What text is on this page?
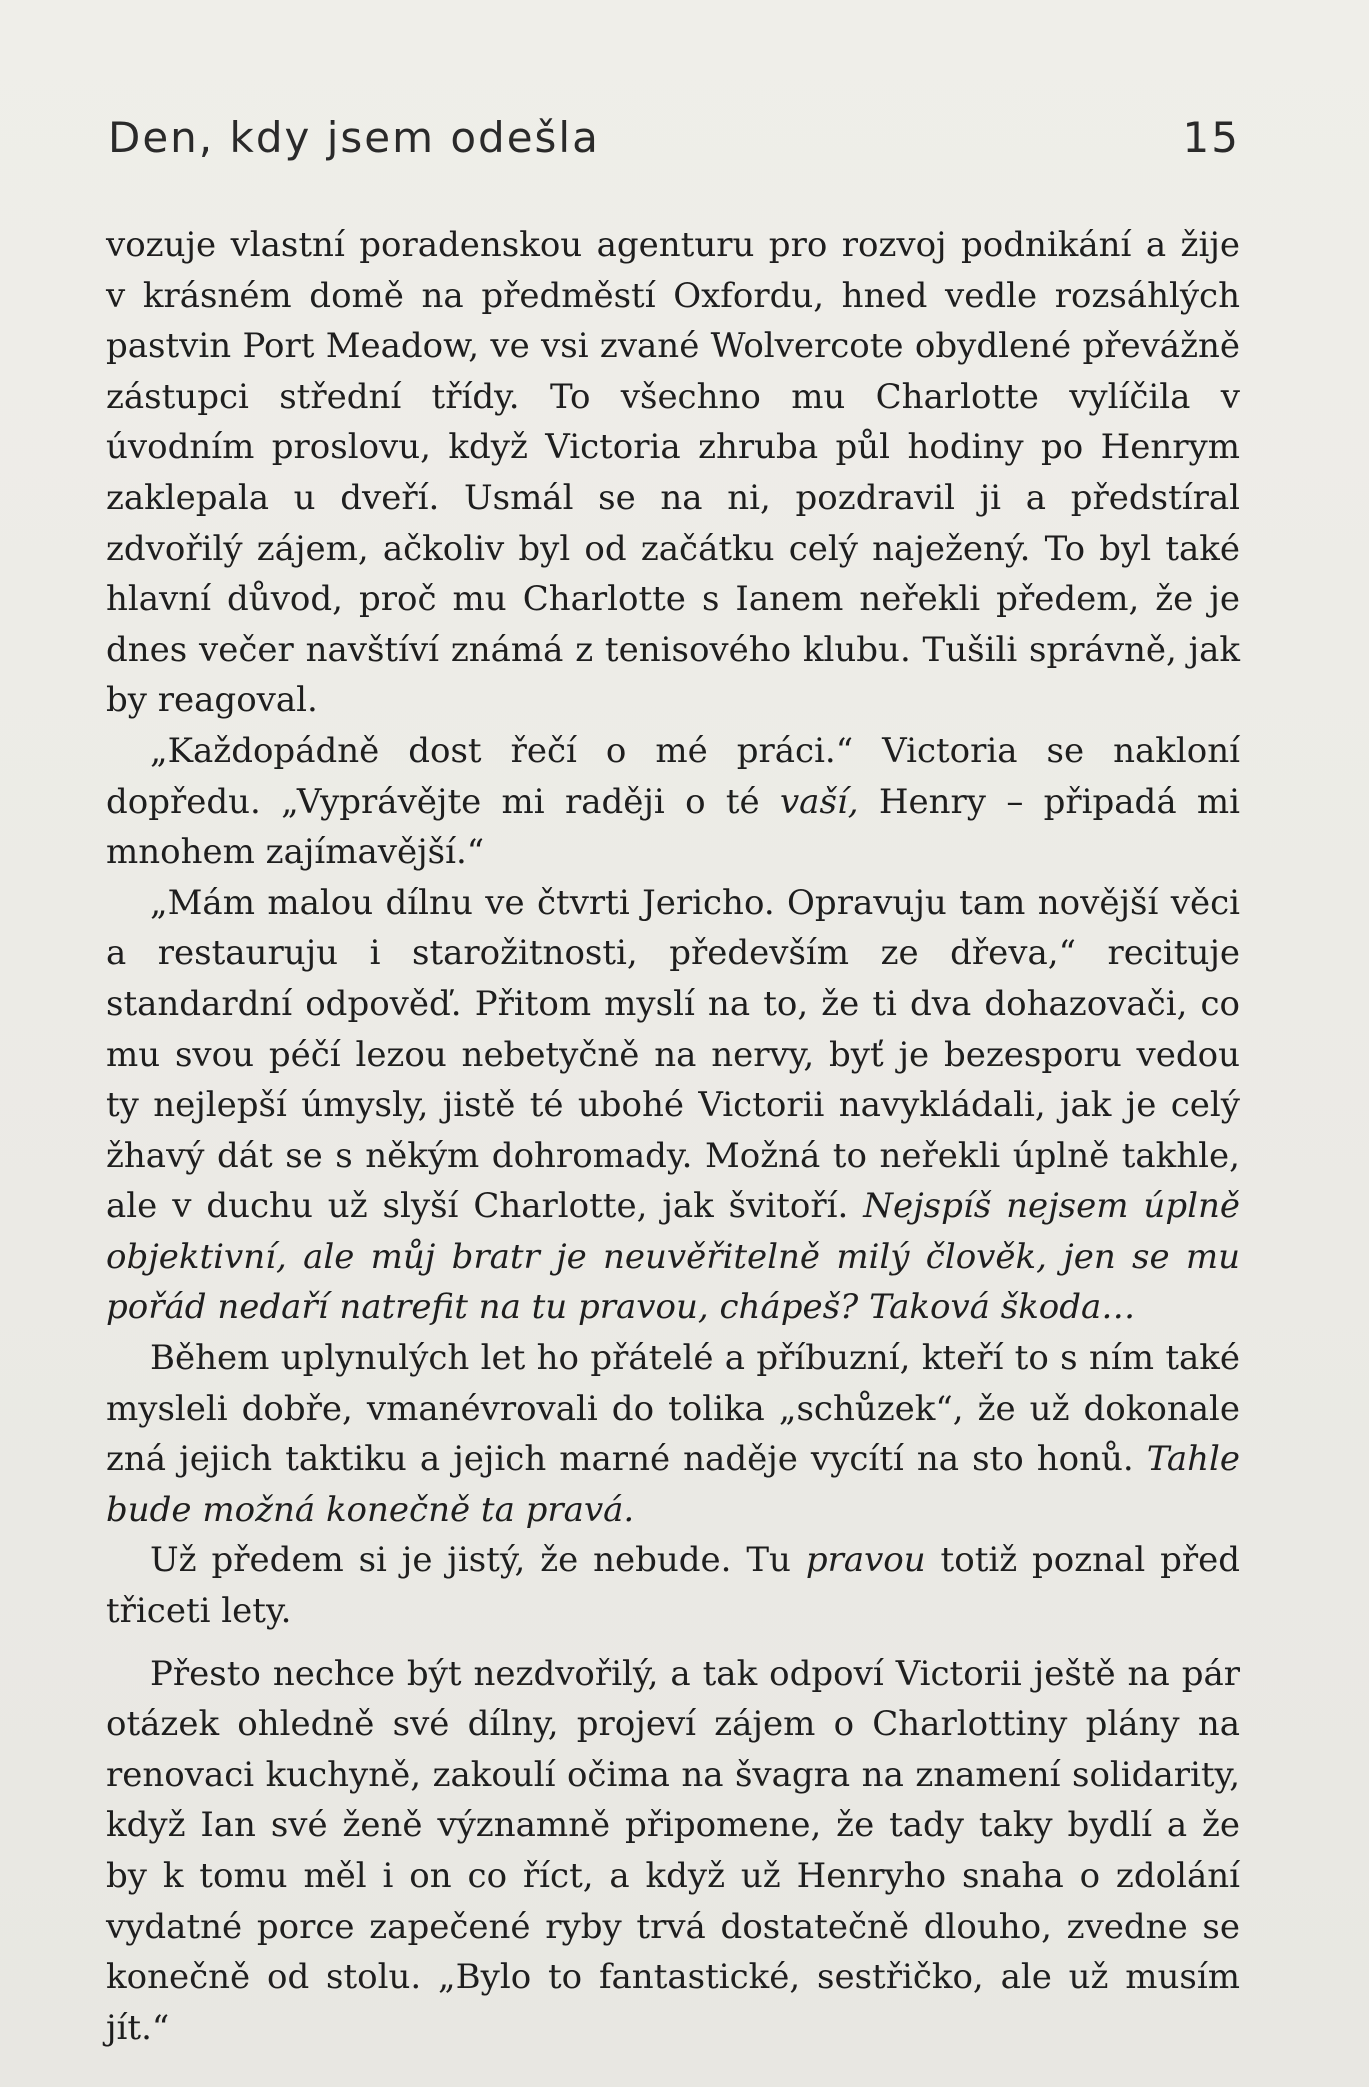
Den, kdy jsem odešla	15

vozuje vlastní poradenskou agenturu pro rozvoj podnikání a žije v krásném domě na předměstí Oxfordu, hned vedle rozsáhlých pastvin Port Meadow, ve vsi zvané Wolvercote obydlené převážně zástupci střední třídy. To všechno mu Charlotte vylíčila v úvodním proslovu, když Victoria zhruba půl hodiny po Henrym zaklepala u dveří. Usmál se na ni, pozdravil ji a předstíral zdvořilý zájem, ačkoliv byl od začátku celý naježený. To byl také hlavní důvod, proč mu Charlotte s Ianem neřekli předem, že je dnes večer navštíví známá z tenisového klubu. Tušili správně, jak by reagoval.

„Každopádně dost řečí o mé práci.“ Victoria se nakloní dopředu. „Vyprávějte mi raději o té vaší, Henry – připadá mi mnohem zajímavější.“

„Mám malou dílnu ve čtvrti Jericho. Opravuju tam novější věci a restauruju i starožitnosti, především ze dřeva,“ recituje standardní odpověď. Přitom myslí na to, že ti dva dohazovači, co mu svou péčí lezou nebetyčně na nervy, byť je bezesporu vedou ty nejlepší úmysly, jistě té ubohé Victorii navykládali, jak je celý žhavý dát se s někým dohromady. Možná to neřekli úplně takhle, ale v duchu už slyší Charlotte, jak švitoří. Nejspíš nejsem úplně objektivní, ale můj bratr je neuvěřitelně milý člověk, jen se mu pořád nedaří natrefit na tu pravou, chápeš? Taková škoda…

Během uplynulých let ho přátelé a příbuzní, kteří to s ním také mysleli dobře, vmanévrovali do tolika „schůzek“, že už dokonale zná jejich taktiku a jejich marné naděje vycítí na sto honů. Tahle bude možná konečně ta pravá.

Už předem si je jistý, že nebude. Tu pravou totiž poznal před třiceti lety.

Přesto nechce být nezdvořilý, a tak odpoví Victorii ještě na pár otázek ohledně své dílny, projeví zájem o Charlottiny plány na renovaci kuchyně, zakoulí očima na švagra na znamení solidarity, když Ian své ženě významně připomene, že tady taky bydlí a že by k tomu měl i on co říct, a když už Henryho snaha o zdolání vydatné porce zapečené ryby trvá dostatečně dlouho, zvedne se konečně od stolu. „Bylo to fantastické, sestřičko, ale už musím jít.“
